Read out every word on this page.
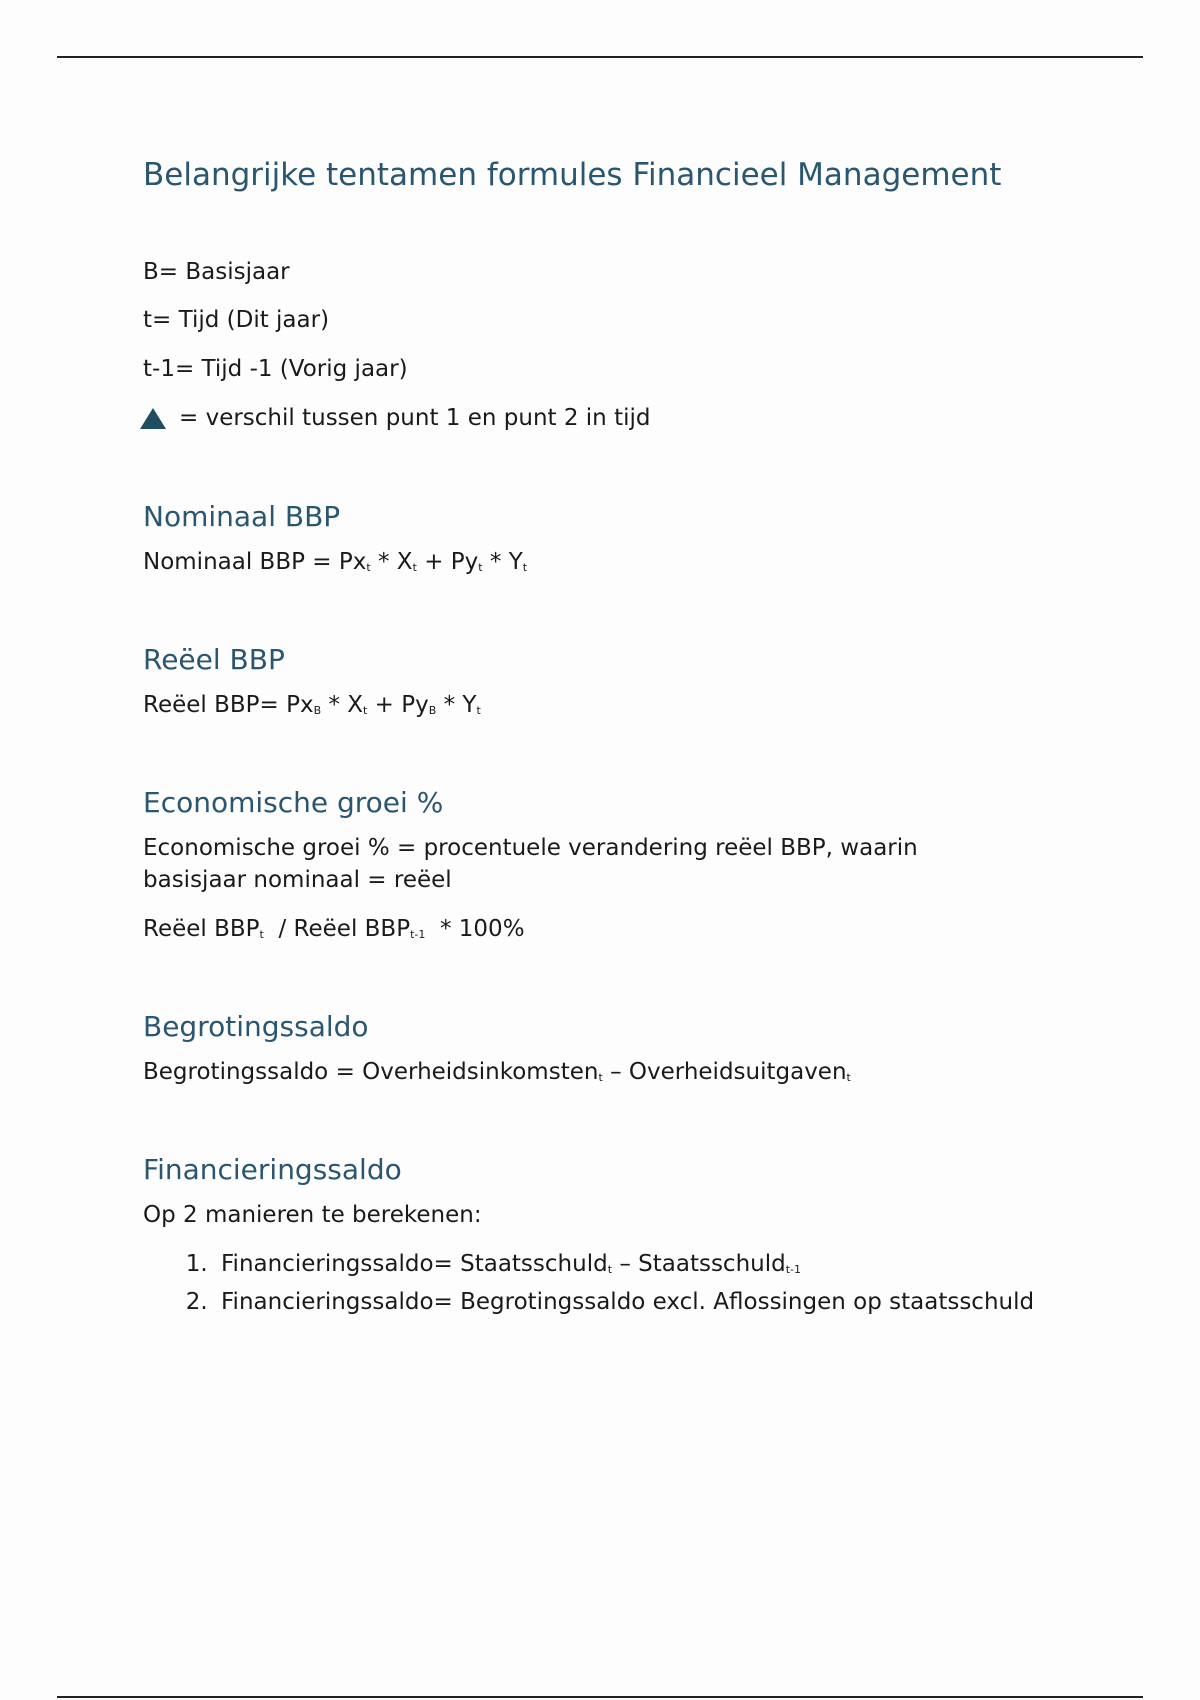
Belangrijke tentamen formules Financieel Management

B= Basisjaar

t= Tijd (Dit jaar)

t-1= Tijd -1 (Vorig jaar)

= verschil tussen punt 1 en punt 2 in tijd

Nominaal BBP

Nominaal BBP = $Px_t * X_t + Py_t * Y_t$

Reëel BBP

Reëel $BBP= Px_B * X_t + Py_B * Y_t$

Economische groei %

Economische groei % = procentuele verandering reëel BBP, waarin basisjaar nominaal = reëel

Reëel $BBP_t$  / Reëel $BBP_{t-1} * 100\%$

Begrotingssaldo

Begrotingssaldo = Overheidsinkomsten$_t$ – Overheidsuitgaven$_t$

Financieringssaldo

Op 2 manieren te berekenen:

1. Financieringssaldo= Staatsschuld$_t$ – Staatsschuld$_{t-1}$
2. Financieringssaldo= Begrotingssaldo excl. Aflossingen op staatsschuld
